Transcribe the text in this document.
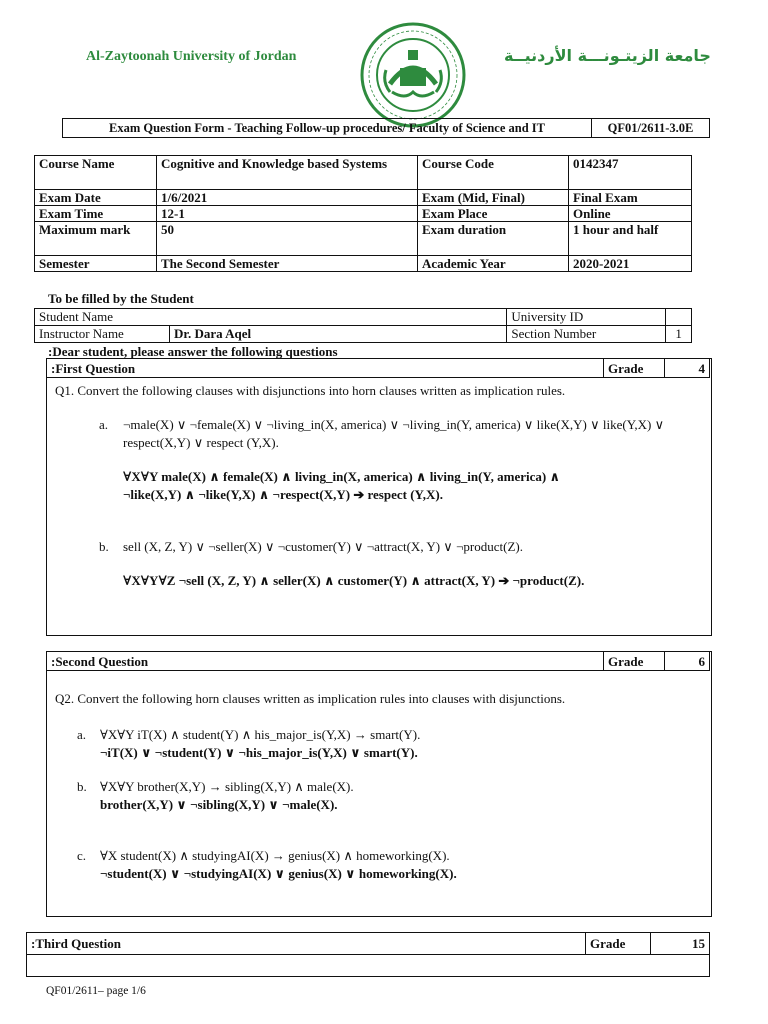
Al-Zaytoonah University of Jordan	جامعة الزيتـونـــة الأردنيــة
Exam Question Form - Teaching Follow-up procedures/ Faculty of Science and IT	QF01/2611-3.0E
Course Name	Cognitive and Knowledge based Systems	Course Code	0142347
Exam Date	1/6/2021	Exam (Mid, Final)	Final Exam
Exam Time	12-1	Exam Place	Online
Maximum mark	50	Exam duration	1 hour and half
Semester	The Second Semester	Academic Year	2020-2021
To be filled by the Student
Student Name		University ID	
Instructor Name	Dr. Dara Aqel	Section Number	1
:Dear student, please answer the following questions
:First Question	Grade	4
Q1. Convert the following clauses with disjunctions into horn clauses written as implication rules.
a. ¬male(X) ∨ ¬female(X) ∨ ¬living_in(X, america) ∨ ¬living_in(Y, america) ∨ like(X,Y) ∨ like(Y,X) ∨ respect(X,Y) ∨ respect (Y,X).
∀X∀Y male(X) ∧ female(X) ∧ living_in(X, america) ∧ living_in(Y, america) ∧
¬like(X,Y) ∧ ¬like(Y,X) ∧ ¬respect(X,Y) ➔ respect (Y,X).
b. sell (X, Z, Y) ∨ ¬seller(X) ∨ ¬customer(Y) ∨ ¬attract(X, Y) ∨ ¬product(Z).
∀X∀Y∀Z ¬sell (X, Z, Y) ∧ seller(X) ∧ customer(Y) ∧ attract(X, Y) ➔ ¬product(Z).
:Second Question	Grade	6
Q2. Convert the following horn clauses written as implication rules into clauses with disjunctions.
a. ∀X∀Y iT(X) ∧ student(Y) ∧ his_major_is(Y,X) → smart(Y).
¬iT(X) ∨ ¬student(Y) ∨ ¬his_major_is(Y,X) ∨ smart(Y).
b. ∀X∀Y brother(X,Y) → sibling(X,Y) ∧ male(X).
brother(X,Y) ∨ ¬sibling(X,Y) ∨ ¬male(X).
c. ∀X student(X) ∧ studyingAI(X) → genius(X) ∧ homeworking(X).
¬student(X) ∨ ¬studyingAI(X) ∨ genius(X) ∨ homeworking(X).
:Third Question	Grade	15

QF01/2611– page 1/6
